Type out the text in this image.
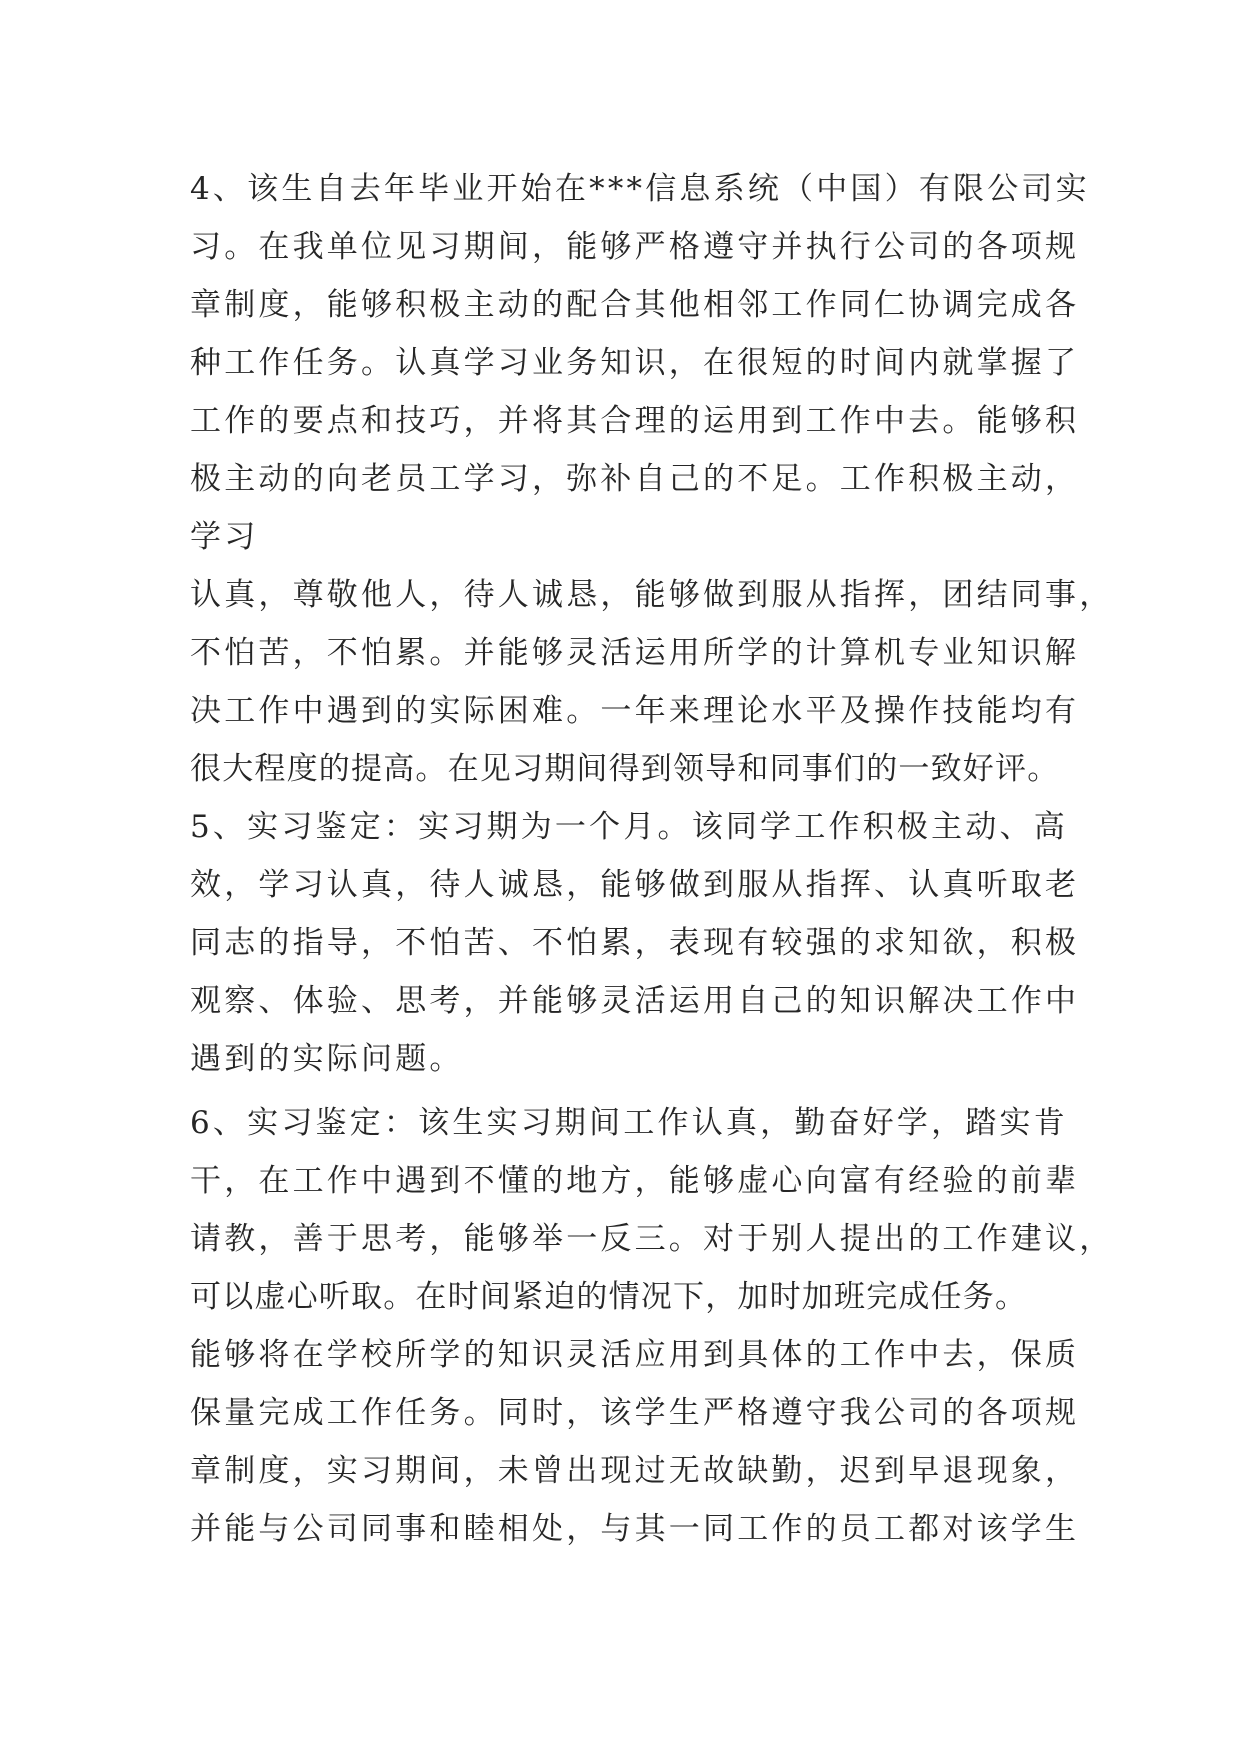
4、该生自去年毕业开始在***信息系统（中国）有限公司实
习。在我单位见习期间，能够严格遵守并执行公司的各项规
章制度，能够积极主动的配合其他相邻工作同仁协调完成各
种工作任务。认真学习业务知识，在很短的时间内就掌握了
工作的要点和技巧，并将其合理的运用到工作中去。能够积
极主动的向老员工学习，弥补自己的不足。工作积极主动，
学习
认真，尊敬他人，待人诚恳，能够做到服从指挥，团结同事，
不怕苦，不怕累。并能够灵活运用所学的计算机专业知识解
决工作中遇到的实际困难。一年来理论水平及操作技能均有
很大程度的提高。在见习期间得到领导和同事们的一致好评。
5、实习鉴定：实习期为一个月。该同学工作积极主动、高
效，学习认真，待人诚恳，能够做到服从指挥、认真听取老
同志的指导，不怕苦、不怕累，表现有较强的求知欲，积极
观察、体验、思考，并能够灵活运用自己的知识解决工作中
遇到的实际问题。
6、实习鉴定：该生实习期间工作认真，勤奋好学，踏实肯
干，在工作中遇到不懂的地方，能够虚心向富有经验的前辈
请教，善于思考，能够举一反三。对于别人提出的工作建议，
可以虚心听取。在时间紧迫的情况下，加时加班完成任务。
能够将在学校所学的知识灵活应用到具体的工作中去，保质
保量完成工作任务。同时，该学生严格遵守我公司的各项规
章制度，实习期间，未曾出现过无故缺勤，迟到早退现象，
并能与公司同事和睦相处，与其一同工作的员工都对该学生
